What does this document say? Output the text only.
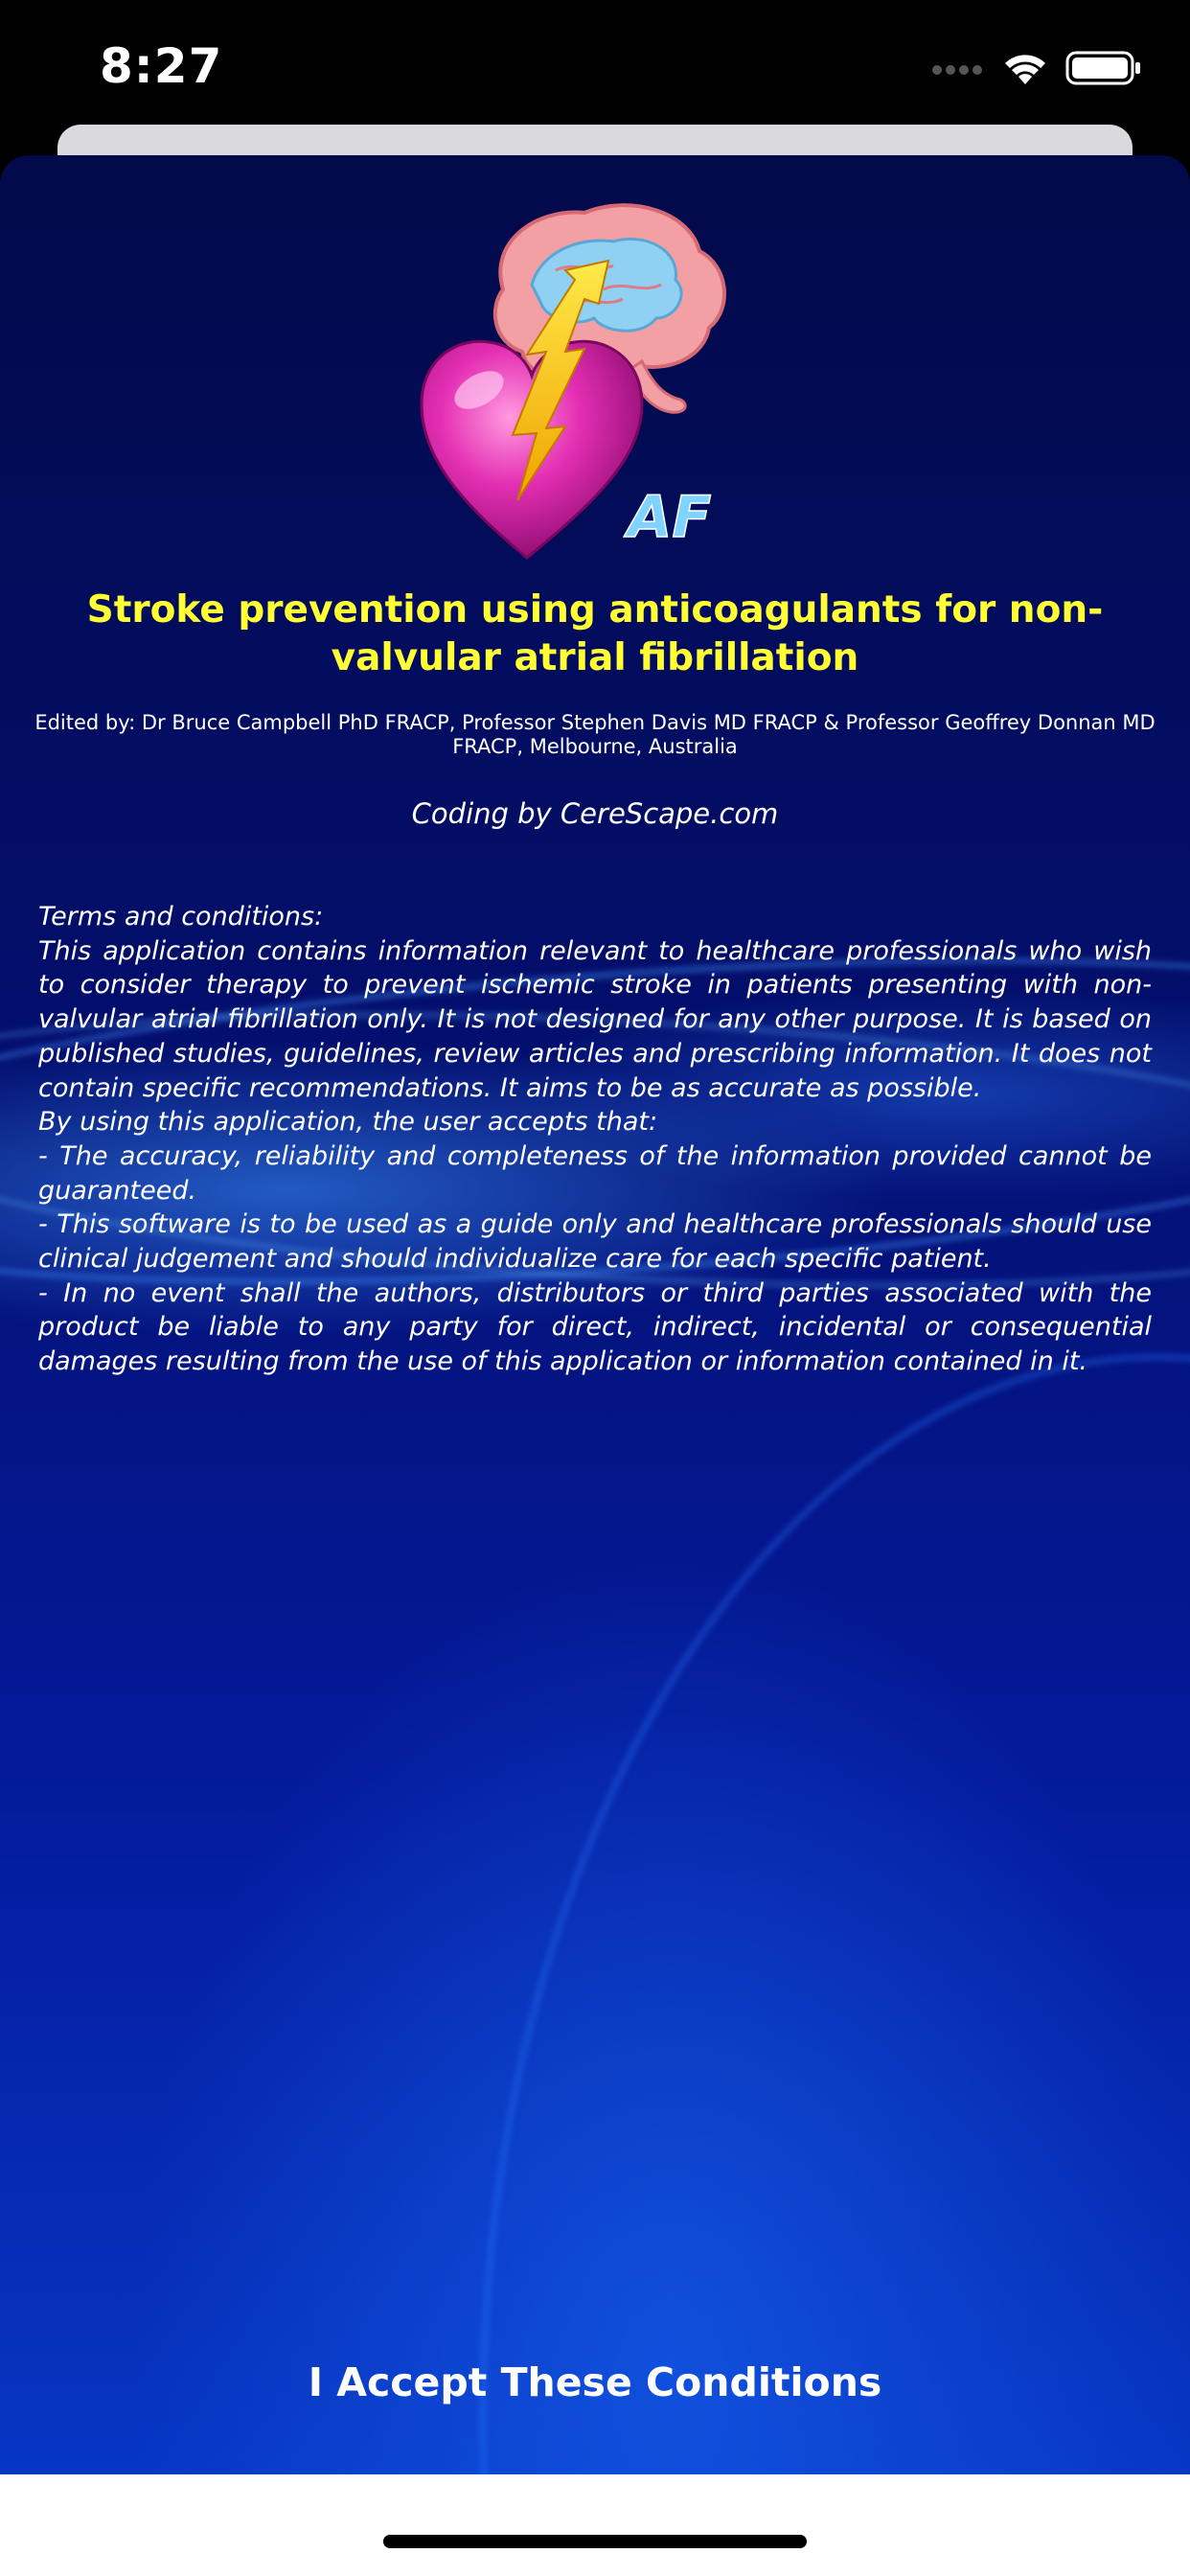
8:27
AF
Stroke prevention using anticoagulants for non-valvular atrial fibrillation
Edited by: Dr Bruce Campbell PhD FRACP, Professor Stephen Davis MD FRACP & Professor Geoffrey Donnan MD FRACP, Melbourne, Australia
Coding by CereScape.com

Terms and conditions:

This application contains information relevant to healthcare professionals who wish to consider therapy to prevent ischemic stroke in patients presenting with non-valvular atrial fibrillation only. It is not designed for any other purpose. It is based on published studies, guidelines, review articles and prescribing information. It does not contain specific recommendations. It aims to be as accurate as possible.

By using this application, the user accepts that:

- The accuracy, reliability and completeness of the information provided cannot be guaranteed.

- This software is to be used as a guide only and healthcare professionals should use clinical judgement and should individualize care for each specific patient.

- In no event shall the authors, distributors or third parties associated with the product be liable to any party for direct, indirect, incidental or consequential damages resulting from the use of this application or information contained in it.

I Accept These Conditions
